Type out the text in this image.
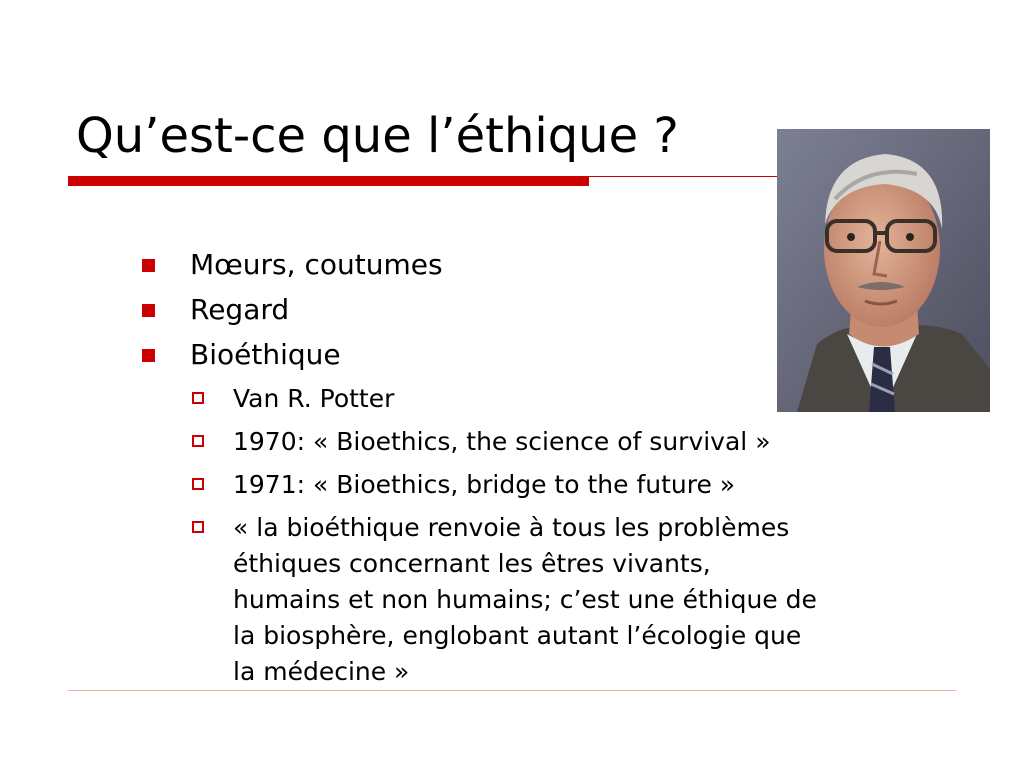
Qu’est-ce que l’éthique ?
Mœurs, coutumes
Regard
Bioéthique
Van R. Potter
1970: « Bioethics, the science of survival »
1971: « Bioethics, bridge to the future »
« la bioéthique renvoie à tous les problèmes
éthiques concernant les êtres vivants,
humains et non humains; c’est une éthique de
la biosphère, englobant autant l’écologie que
la médecine »
